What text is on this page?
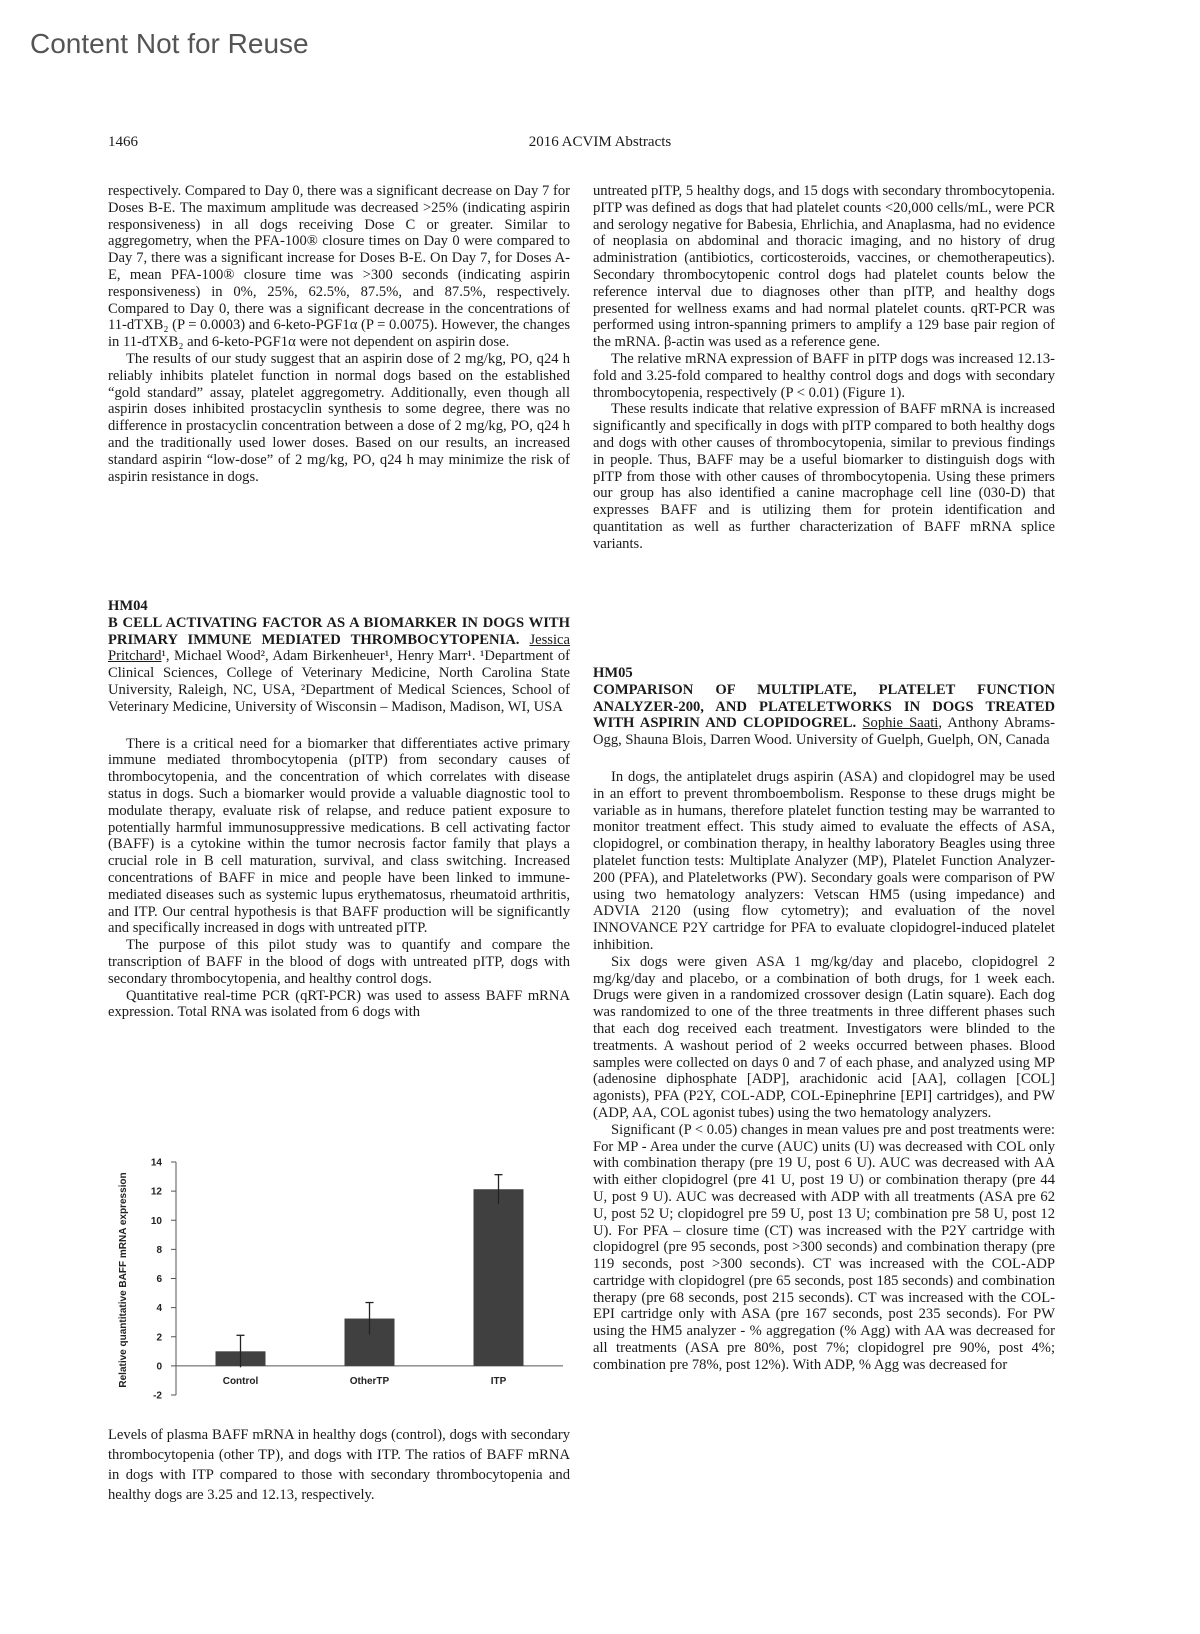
Content Not for Reuse
1466	2016 ACVIM Abstracts

respectively. Compared to Day 0, there was a significant decrease on Day 7 for Doses B-E. The maximum amplitude was decreased >25% (indicating aspirin responsiveness) in all dogs receiving Dose C or greater. Similar to aggregometry, when the PFA-100® closure times on Day 0 were compared to Day 7, there was a significant increase for Doses B-E. On Day 7, for Doses A-E, mean PFA-100® closure time was >300 seconds (indicating aspirin responsiveness) in 0%, 25%, 62.5%, 87.5%, and 87.5%, respectively. Compared to Day 0, there was a significant decrease in the concentrations of 11-dTXB₂ (P = 0.0003) and 6-keto-PGF1α (P = 0.0075). However, the changes in 11-dTXB₂ and 6-keto-PGF1α were not dependent on aspirin dose.

The results of our study suggest that an aspirin dose of 2 mg/kg, PO, q24 h reliably inhibits platelet function in normal dogs based on the established “gold standard” assay, platelet aggregometry. Additionally, even though all aspirin doses inhibited prostacyclin synthesis to some degree, there was no difference in prostacyclin concentration between a dose of 2 mg/kg, PO, q24 h and the traditionally used lower doses. Based on our results, an increased standard aspirin “low-dose” of 2 mg/kg, PO, q24 h may minimize the risk of aspirin resistance in dogs.

HM04

B CELL ACTIVATING FACTOR AS A BIOMARKER IN DOGS WITH PRIMARY IMMUNE MEDIATED THROMBOCYTOPENIA. Jessica Pritchard¹, Michael Wood², Adam Birkenheuer¹, Henry Marr¹. ¹Department of Clinical Sciences, College of Veterinary Medicine, North Carolina State University, Raleigh, NC, USA, ²Department of Medical Sciences, School of Veterinary Medicine, University of Wisconsin – Madison, Madison, WI, USA

There is a critical need for a biomarker that differentiates active primary immune mediated thrombocytopenia (pITP) from secondary causes of thrombocytopenia, and the concentration of which correlates with disease status in dogs. Such a biomarker would provide a valuable diagnostic tool to modulate therapy, evaluate risk of relapse, and reduce patient exposure to potentially harmful immunosuppressive medications. B cell activating factor (BAFF) is a cytokine within the tumor necrosis factor family that plays a crucial role in B cell maturation, survival, and class switching. Increased concentrations of BAFF in mice and people have been linked to immune-mediated diseases such as systemic lupus erythematosus, rheumatoid arthritis, and ITP. Our central hypothesis is that BAFF production will be significantly and specifically increased in dogs with untreated pITP.

The purpose of this pilot study was to quantify and compare the transcription of BAFF in the blood of dogs with untreated pITP, dogs with secondary thrombocytopenia, and healthy control dogs.

Quantitative real-time PCR (qRT-PCR) was used to assess BAFF mRNA expression. Total RNA was isolated from 6 dogs with

Relative quantitative BAFF mRNA expression
-2
0
2
4
6
8
10
12
14
Control	OtherTP	ITP
Levels of plasma BAFF mRNA in healthy dogs (control), dogs with secondary thrombocytopenia (other TP), and dogs with ITP. The ratios of BAFF mRNA in dogs with ITP compared to those with secondary thrombocytopenia and healthy dogs are 3.25 and 12.13, respectively.

untreated pITP, 5 healthy dogs, and 15 dogs with secondary thrombocytopenia. pITP was defined as dogs that had platelet counts <20,000 cells/mL, were PCR and serology negative for Babesia, Ehrlichia, and Anaplasma, had no evidence of neoplasia on abdominal and thoracic imaging, and no history of drug administration (antibiotics, corticosteroids, vaccines, or chemotherapeutics). Secondary thrombocytopenic control dogs had platelet counts below the reference interval due to diagnoses other than pITP, and healthy dogs presented for wellness exams and had normal platelet counts. qRT-PCR was performed using intron-spanning primers to amplify a 129 base pair region of the mRNA. β-actin was used as a reference gene.

The relative mRNA expression of BAFF in pITP dogs was increased 12.13-fold and 3.25-fold compared to healthy control dogs and dogs with secondary thrombocytopenia, respectively (P < 0.01) (Figure 1).

These results indicate that relative expression of BAFF mRNA is increased significantly and specifically in dogs with pITP compared to both healthy dogs and dogs with other causes of thrombocytopenia, similar to previous findings in people. Thus, BAFF may be a useful biomarker to distinguish dogs with pITP from those with other causes of thrombocytopenia. Using these primers our group has also identified a canine macrophage cell line (030-D) that expresses BAFF and is utilizing them for protein identification and quantitation as well as further characterization of BAFF mRNA splice variants.

HM05

COMPARISON OF MULTIPLATE, PLATELET FUNCTION ANALYZER-200, AND PLATELETWORKS IN DOGS TREATED WITH ASPIRIN AND CLOPIDOGREL. Sophie Saati, Anthony Abrams-Ogg, Shauna Blois, Darren Wood. University of Guelph, Guelph, ON, Canada

In dogs, the antiplatelet drugs aspirin (ASA) and clopidogrel may be used in an effort to prevent thromboembolism. Response to these drugs might be variable as in humans, therefore platelet function testing may be warranted to monitor treatment effect. This study aimed to evaluate the effects of ASA, clopidogrel, or combination therapy, in healthy laboratory Beagles using three platelet function tests: Multiplate Analyzer (MP), Platelet Function Analyzer-200 (PFA), and Plateletworks (PW). Secondary goals were comparison of PW using two hematology analyzers: Vetscan HM5 (using impedance) and ADVIA 2120 (using flow cytometry); and evaluation of the novel INNOVANCE P2Y cartridge for PFA to evaluate clopidogrel-induced platelet inhibition.

Six dogs were given ASA 1 mg/kg/day and placebo, clopidogrel 2 mg/kg/day and placebo, or a combination of both drugs, for 1 week each. Drugs were given in a randomized crossover design (Latin square). Each dog was randomized to one of the three treatments in three different phases such that each dog received each treatment. Investigators were blinded to the treatments. A washout period of 2 weeks occurred between phases. Blood samples were collected on days 0 and 7 of each phase, and analyzed using MP (adenosine diphosphate [ADP], arachidonic acid [AA], collagen [COL] agonists), PFA (P2Y, COL-ADP, COL-Epinephrine [EPI] cartridges), and PW (ADP, AA, COL agonist tubes) using the two hematology analyzers.

Significant (P < 0.05) changes in mean values pre and post treatments were: For MP - Area under the curve (AUC) units (U) was decreased with COL only with combination therapy (pre 19 U, post 6 U). AUC was decreased with AA with either clopidogrel (pre 41 U, post 19 U) or combination therapy (pre 44 U, post 9 U). AUC was decreased with ADP with all treatments (ASA pre 62 U, post 52 U; clopidogrel pre 59 U, post 13 U; combination pre 58 U, post 12 U). For PFA – closure time (CT) was increased with the P2Y cartridge with clopidogrel (pre 95 seconds, post >300 seconds) and combination therapy (pre 119 seconds, post >300 seconds). CT was increased with the COL-ADP cartridge with clopidogrel (pre 65 seconds, post 185 seconds) and combination therapy (pre 68 seconds, post 215 seconds). CT was increased with the COL-EPI cartridge only with ASA (pre 167 seconds, post 235 seconds). For PW using the HM5 analyzer - % aggregation (% Agg) with AA was decreased for all treatments (ASA pre 80%, post 7%; clopidogrel pre 90%, post 4%; combination pre 78%, post 12%). With ADP, % Agg was decreased for
